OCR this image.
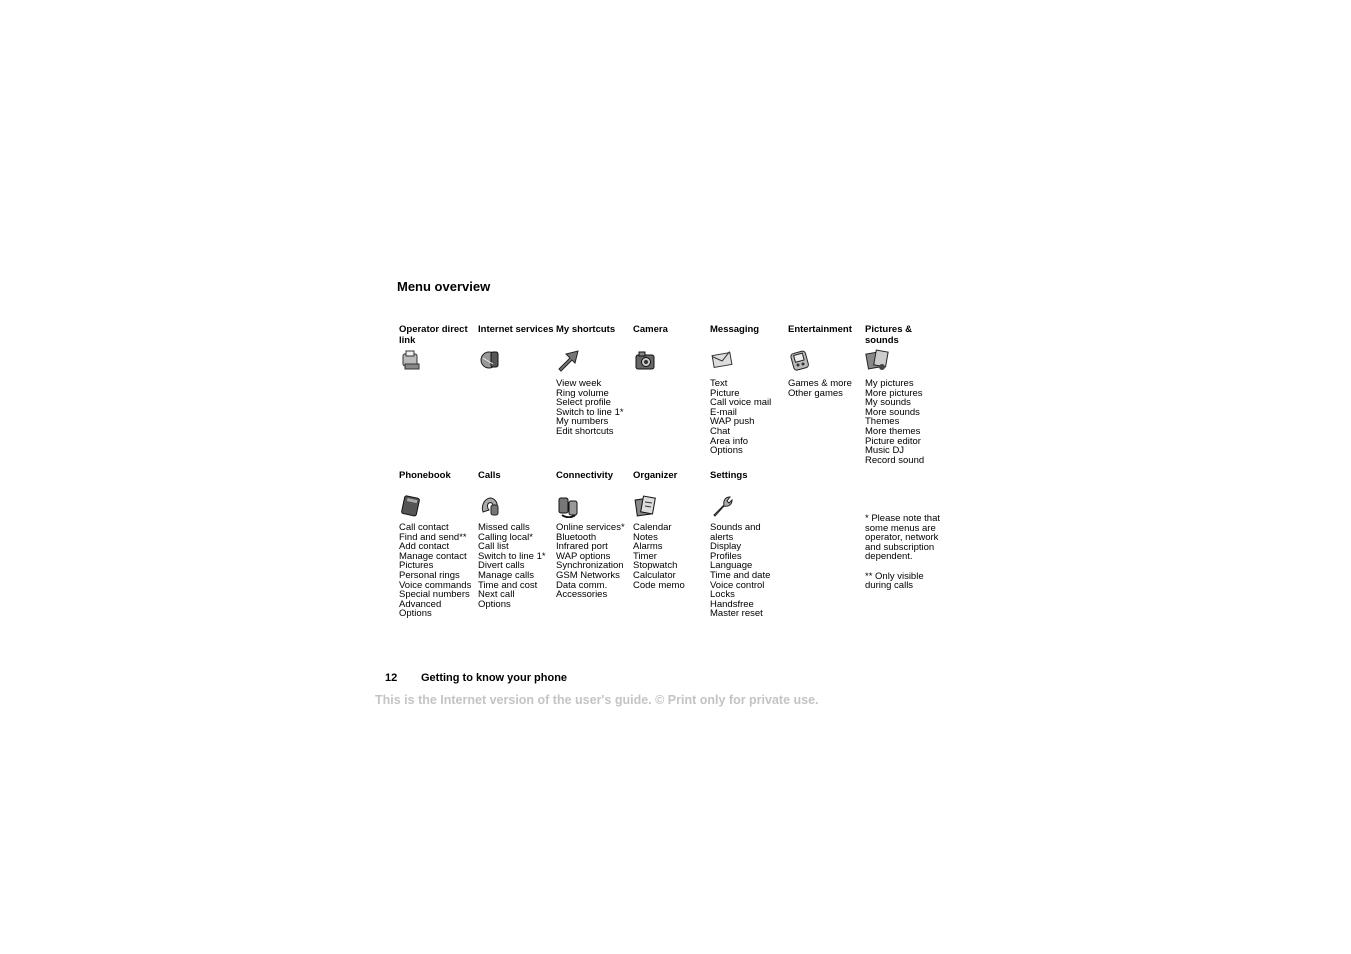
Menu overview
Operator direct link
Internet services My shortcuts
View week
Ring volume
Select profile
Switch to line 1*
My numbers
Edit shortcuts
Camera	Messaging
Text
Picture
Call voice mail
E-mail
WAP push
Chat
Area info
Options
Entertainment
Games & more
Other games
Pictures & sounds
My pictures
More pictures
My sounds
More sounds
Themes
More themes
Picture editor
Music DJ
Record sound
Phonebook
Call contact
Find and send**
Add contact
Manage contact
Pictures
Personal rings
Voice commands
Special numbers
Advanced
Options
Calls
Missed calls
Calling local*
Call list
Switch to line 1*
Divert calls
Manage calls
Time and cost
Next call
Options
Connectivity
Online services*
Bluetooth
Infrared port
WAP options
Synchronization
GSM Networks
Data comm.
Accessories
Organizer
Calendar
Notes
Alarms
Timer
Stopwatch
Calculator
Code memo
Settings
Sounds and
alerts
Display
Profiles
Language
Time and date
Voice control
Locks
Handsfree
Master reset

* Please note that
some menus are
operator, network
and subscription
dependent.

** Only visible
during calls

12 Getting to know your phone
This is the Internet version of the user's guide. © Print only for private use.
